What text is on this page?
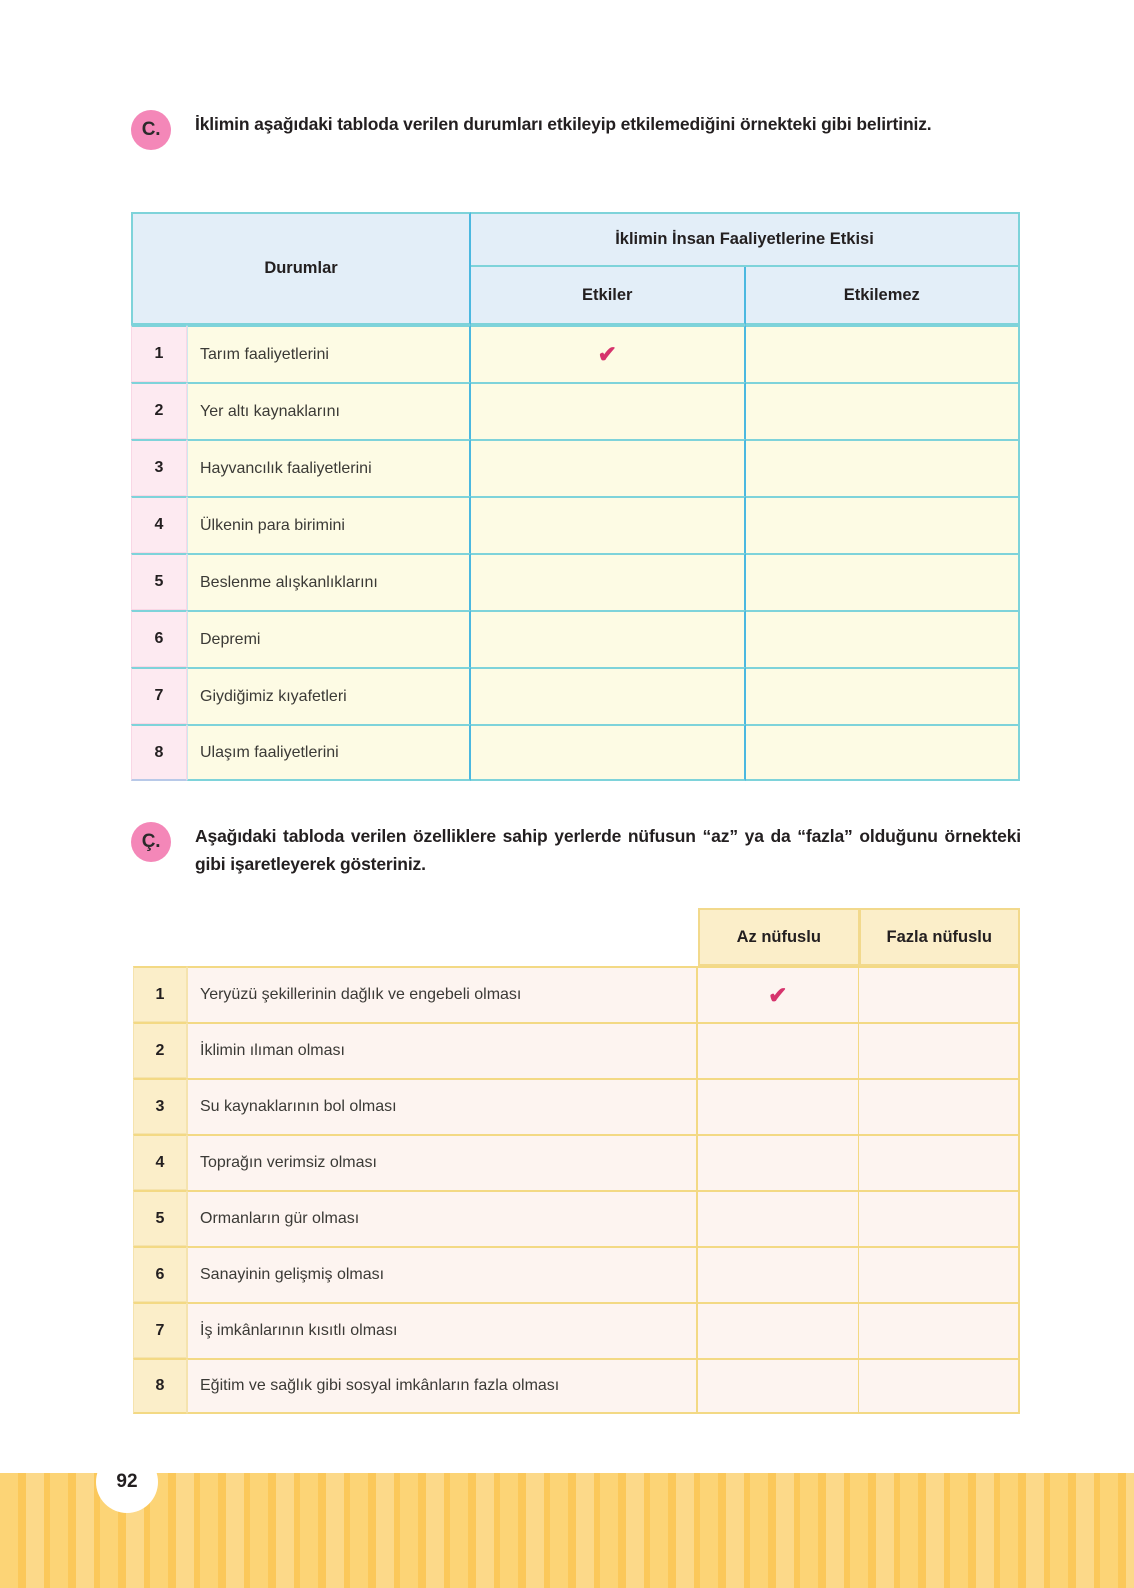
C.	İklimin aşağıdaki tabloda verilen durumları etkileyip etkilemediğini örnekteki gibi belirtiniz.
Durumlar
İklimin İnsan Faaliyetlerine Etkisi
Etkiler	Etkilemez
1	Tarım faaliyetlerini	✔
2	Yer altı kaynaklarını
3	Hayvancılık faaliyetlerini
4	Ülkenin para birimini
5	Beslenme alışkanlıklarını
6	Depremi
7	Giydiğimiz kıyafetleri
8	Ulaşım faaliyetlerini
Ç.	Aşağıdaki tabloda verilen özelliklere sahip yerlerde nüfusun “az” ya da “fazla” olduğunu örnekteki gibi işaretleyerek gösteriniz.
Az nüfuslu	Fazla nüfuslu
1	Yeryüzü şekillerinin dağlık ve engebeli olması	✔
2	İklimin ılıman olması
3	Su kaynaklarının bol olması
4	Toprağın verimsiz olması
5	Ormanların gür olması
6	Sanayinin gelişmiş olması
7	İş imkânlarının kısıtlı olması
8	Eğitim ve sağlık gibi sosyal imkânların fazla olması
92
